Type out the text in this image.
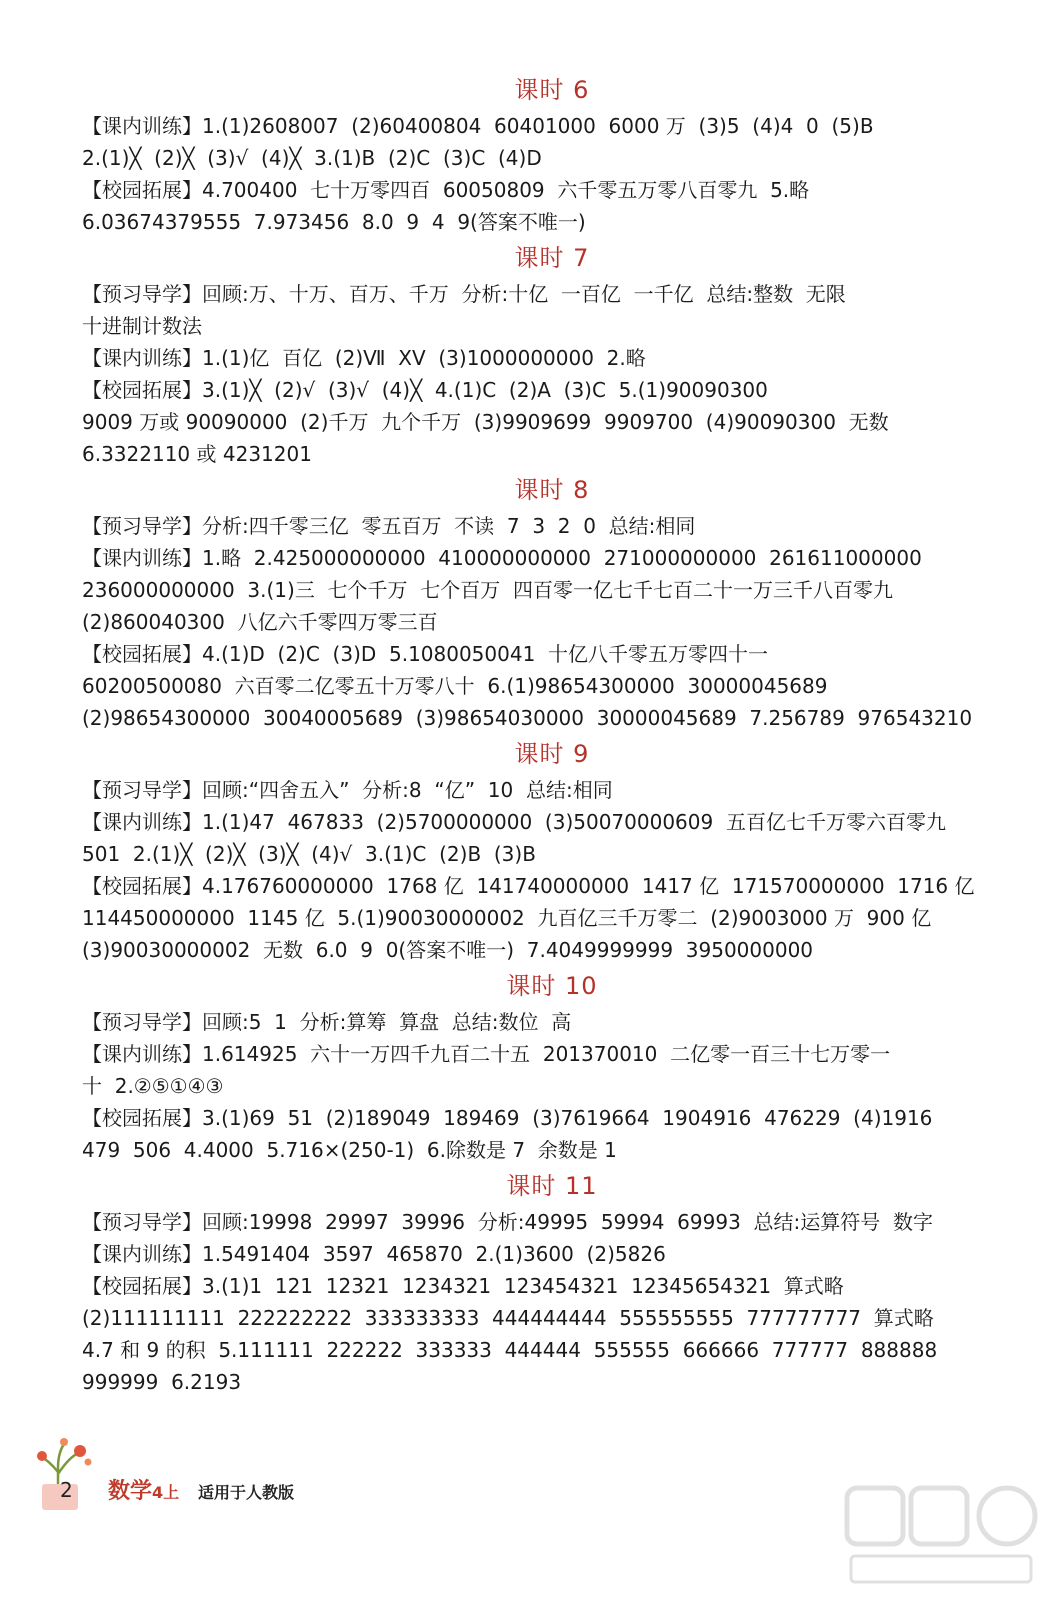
课时 6
【课内训练】1.(1)2608007  (2)60400804  60401000  6000 万  (3)5  (4)4  0  (5)B
2.(1)╳  (2)╳  (3)√  (4)╳  3.(1)B  (2)C  (3)C  (4)D
【校园拓展】4.700400  七十万零四百  60050809  六千零五万零八百零九  5.略
6.03674379555  7.973456  8.0  9  4  9(答案不唯一)
课时 7
【预习导学】回顾:万、十万、百万、千万  分析:十亿  一百亿  一千亿  总结:整数  无限
十进制计数法
【课内训练】1.(1)亿  百亿  (2)Ⅶ  ⅩⅤ  (3)1000000000  2.略
【校园拓展】3.(1)╳  (2)√  (3)√  (4)╳  4.(1)C  (2)A  (3)C  5.(1)90090300
9009 万或 90090000  (2)千万  九个千万  (3)9909699  9909700  (4)90090300  无数
6.3322110 或 4231201
课时 8
【预习导学】分析:四千零三亿  零五百万  不读  7  3  2  0  总结:相同
【课内训练】1.略  2.425000000000  410000000000  271000000000  261611000000
236000000000  3.(1)三  七个千万  七个百万  四百零一亿七千七百二十一万三千八百零九
(2)860040300  八亿六千零四万零三百
【校园拓展】4.(1)D  (2)C  (3)D  5.1080050041  十亿八千零五万零四十一
60200500080  六百零二亿零五十万零八十  6.(1)98654300000  30000045689
(2)98654300000  30040005689  (3)98654030000  30000045689  7.256789  976543210
课时 9
【预习导学】回顾:“四舍五入”  分析:8  “亿”  10  总结:相同
【课内训练】1.(1)47  467833  (2)5700000000  (3)50070000609  五百亿七千万零六百零九
501  2.(1)╳  (2)╳  (3)╳  (4)√  3.(1)C  (2)B  (3)B
【校园拓展】4.176760000000  1768 亿  141740000000  1417 亿  171570000000  1716 亿
114450000000  1145 亿  5.(1)90030000002  九百亿三千万零二  (2)9003000 万  900 亿
(3)90030000002  无数  6.0  9  0(答案不唯一)  7.4049999999  3950000000
课时 10
【预习导学】回顾:5  1  分析:算筹  算盘  总结:数位  高
【课内训练】1.614925  六十一万四千九百二十五  201370010  二亿零一百三十七万零一
十  2.②⑤①④③
【校园拓展】3.(1)69  51  (2)189049  189469  (3)7619664  1904916  476229  (4)1916
479  506  4.4000  5.716×(250-1)  6.除数是 7  余数是 1
课时 11
【预习导学】回顾:19998  29997  39996  分析:49995  59994  69993  总结:运算符号  数字
【课内训练】1.5491404  3597  465870  2.(1)3600  (2)5826
【校园拓展】3.(1)1  121  12321  1234321  123454321  12345654321  算式略
(2)111111111  222222222  333333333  444444444  555555555  777777777  算式略
4.7 和 9 的积  5.111111  222222  333333  444444  555555  666666  777777  888888
999999  6.2193
2 数学4上 适用于人教版
